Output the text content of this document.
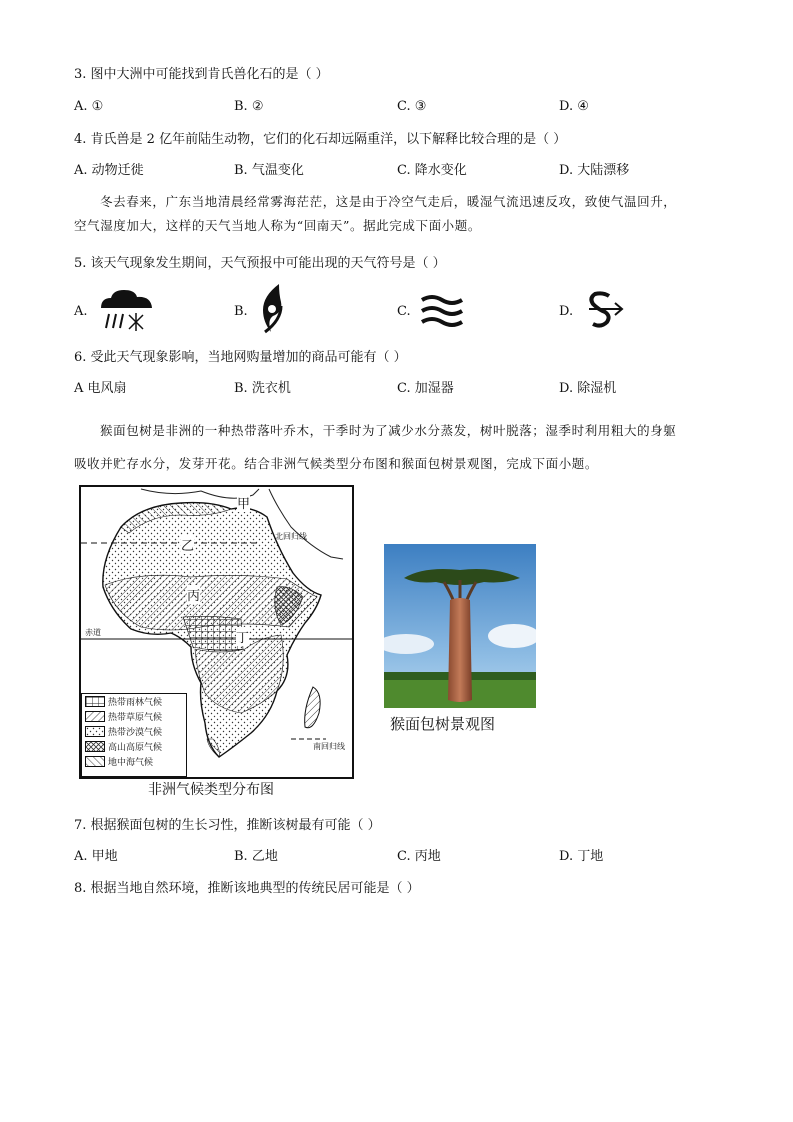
3. 图中大洲中可能找到肯氏兽化石的是（ ）
A. ①	B. ②	C. ③	D. ④
4. 肯氏兽是 2 亿年前陆生动物，它们的化石却远隔重洋，以下解释比较合理的是（ ）
A. 动物迁徙	B. 气温变化	C. 降水变化	D. 大陆漂移
冬去春来，广东当地清晨经常雾海茫茫，这是由于冷空气走后，暖湿气流迅速反攻，致使气温回升，
空气湿度加大，这样的天气当地人称为“回南天”。据此完成下面小题。
5. 该天气现象发生期间，天气预报中可能出现的天气符号是（ ）
A.	B.	C.	D.
6. 受此天气现象影响，当地网购量增加的商品可能有（ ）
A 电风扇	B. 洗衣机	C. 加湿器	D. 除湿机
猴面包树是非洲的一种热带落叶乔木，干季时为了减少水分蒸发，树叶脱落；湿季时利用粗大的身躯
吸收并贮存水分，发芽开花。结合非洲气候类型分布图和猴面包树景观图，完成下面小题。
乙
丙
甲
丁
北回归线
赤道
南回归线
热带雨林气候
热带草原气候
热带沙漠气候
高山高原气候
地中海气候
非洲气候类型分布图
猴面包树景观图
7. 根据猴面包树的生长习性，推断该树最有可能（ ）
A. 甲地	B. 乙地	C. 丙地	D. 丁地
8. 根据当地自然环境，推断该地典型的传统民居可能是（ ）
